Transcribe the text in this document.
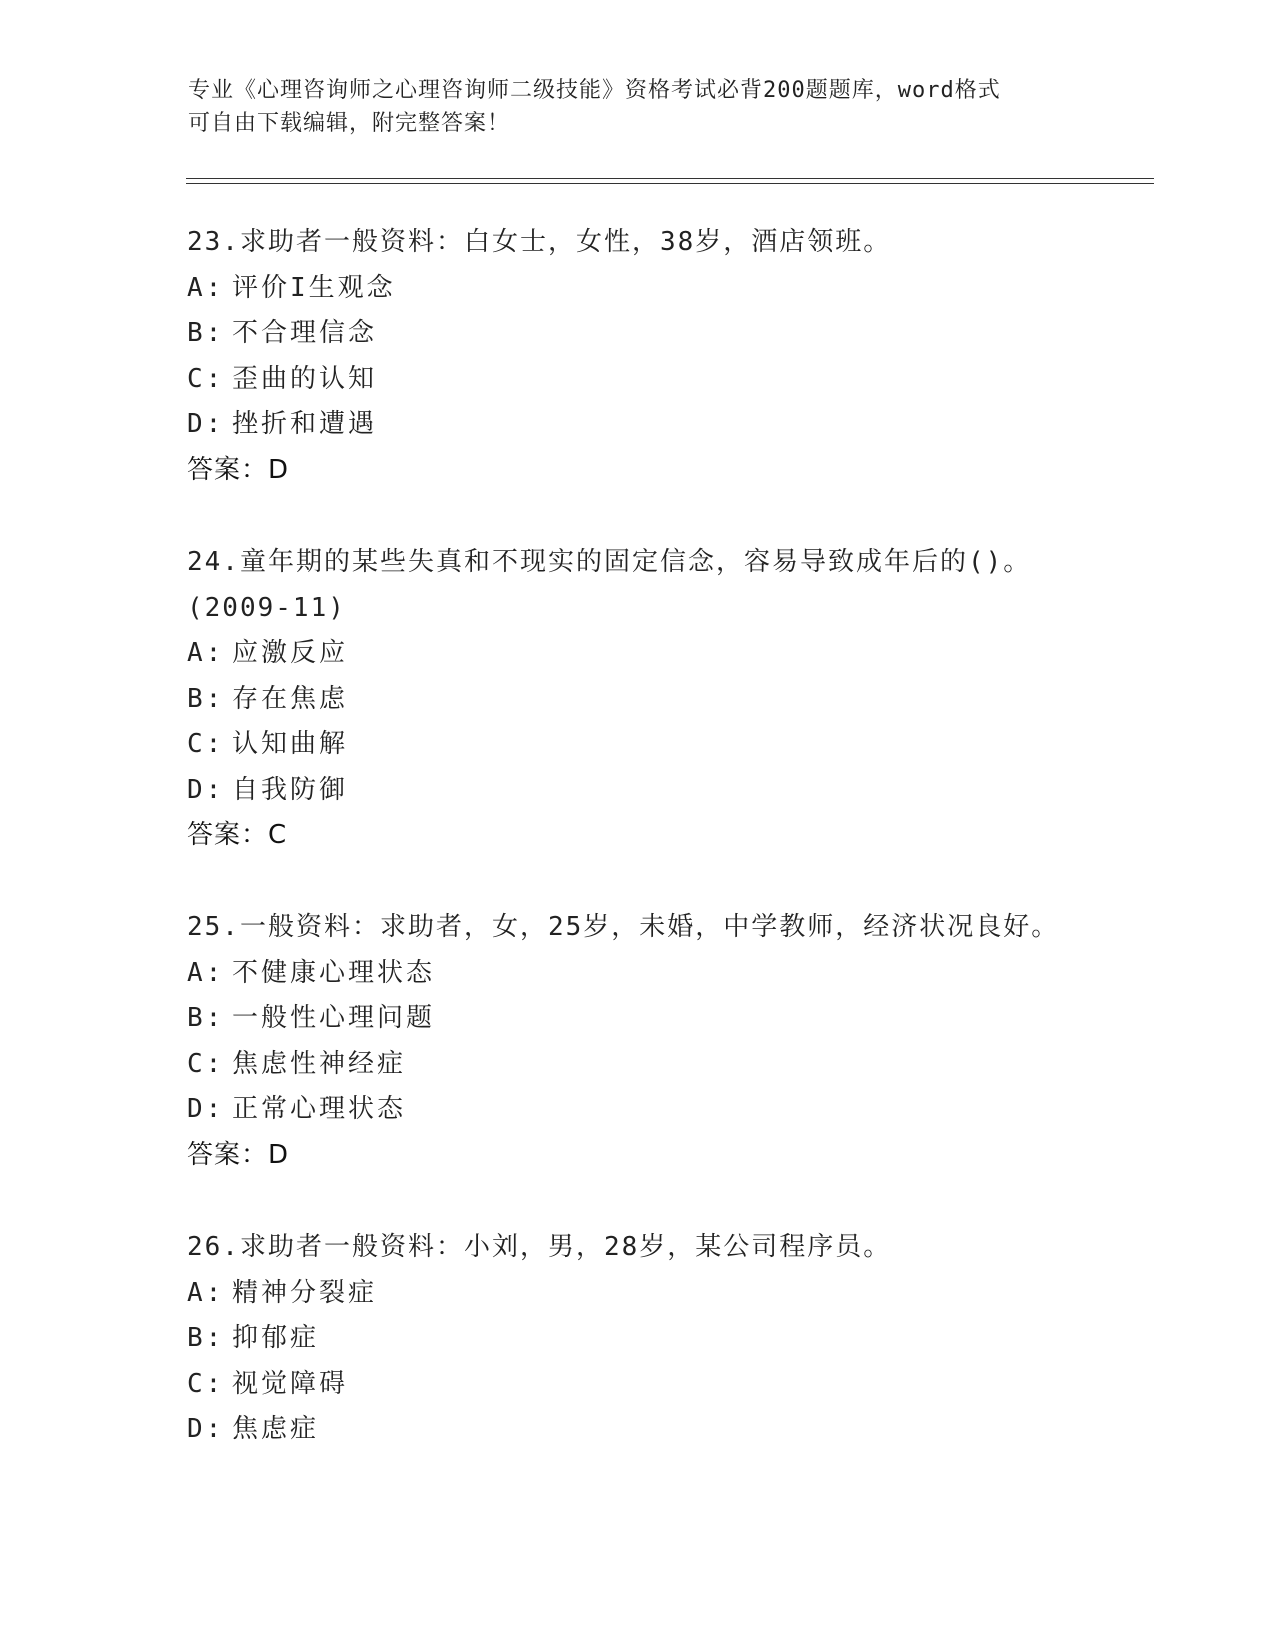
专业《心理咨询师之心理咨询师二级技能》资格考试必背200题题库，word格式
可自由下载编辑，附完整答案！
23.求助者一般资料：白女士，女性，38岁，酒店领班。
A: 评价I生观念
B: 不合理信念
C: 歪曲的认知
D: 挫折和遭遇
答案：D
24.童年期的某些失真和不现实的固定信念，容易导致成年后的()。
(2009-11)
A: 应激反应
B: 存在焦虑
C: 认知曲解
D: 自我防御
答案：C
25.一般资料：求助者，女，25岁，未婚，中学教师，经济状况良好。
A: 不健康心理状态
B: 一般性心理问题
C: 焦虑性神经症
D: 正常心理状态
答案：D
26.求助者一般资料：小刘，男，28岁，某公司程序员。
A: 精神分裂症
B: 抑郁症
C: 视觉障碍
D: 焦虑症
